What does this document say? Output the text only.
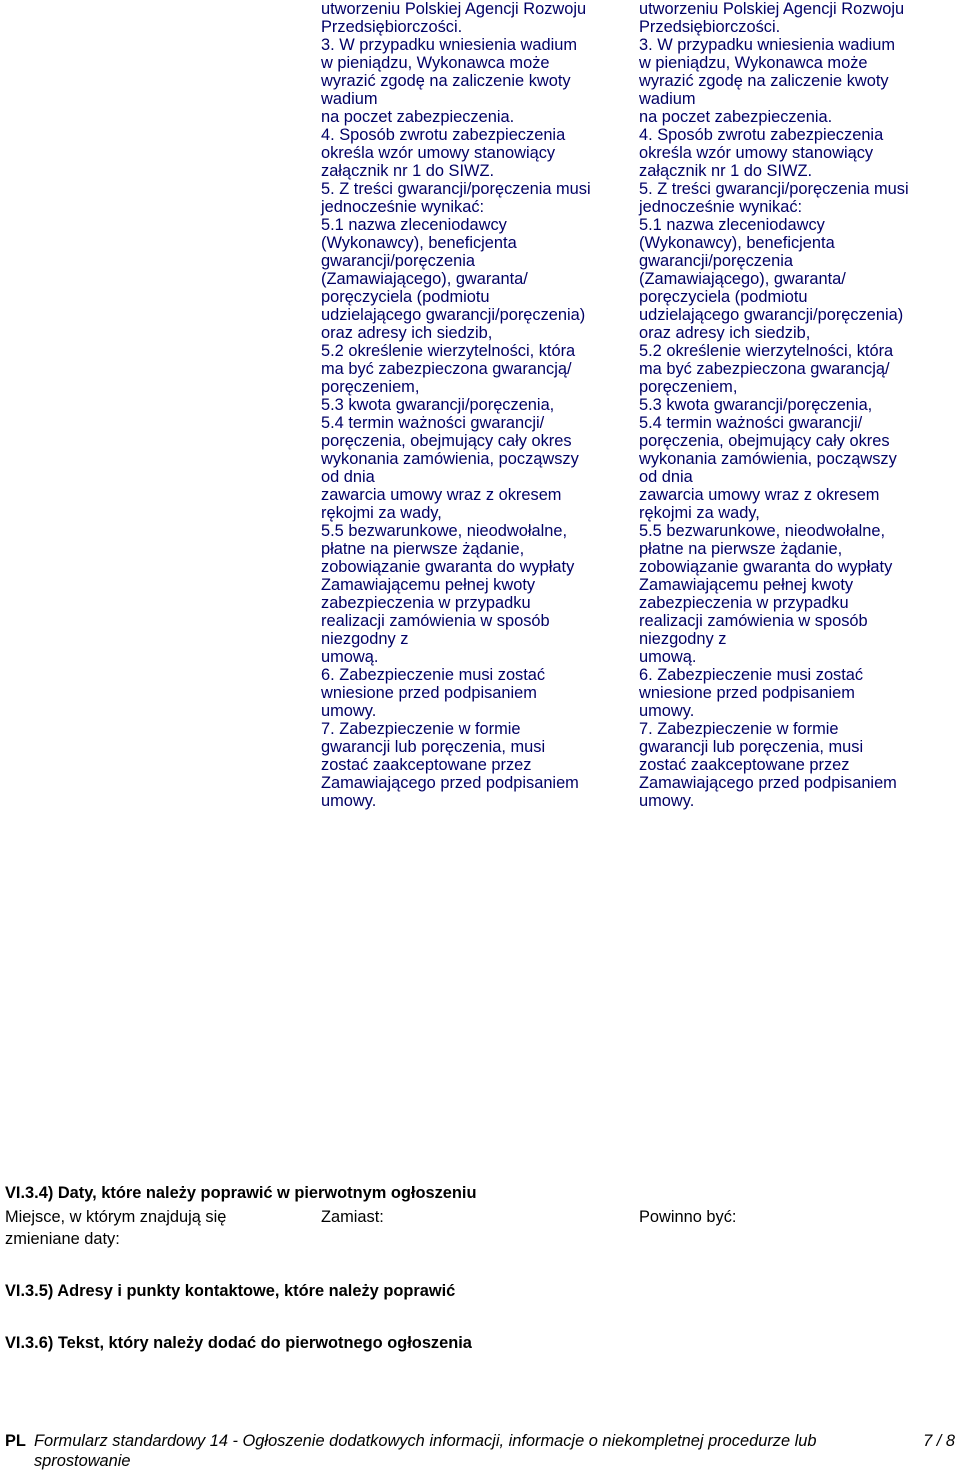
utworzeniu Polskiej Agencji Rozwoju
Przedsiębiorczości.
3. W przypadku wniesienia wadium
w pieniądzu, Wykonawca może
wyrazić zgodę na zaliczenie kwoty
wadium
na poczet zabezpieczenia.
4. Sposób zwrotu zabezpieczenia
określa wzór umowy stanowiący
załącznik nr 1 do SIWZ.
5. Z treści gwarancji/poręczenia musi
jednocześnie wynikać:
5.1 nazwa zleceniodawcy
(Wykonawcy), beneficjenta
gwarancji/poręczenia
(Zamawiającego), gwaranta/
poręczyciela (podmiotu
udzielającego gwarancji/poręczenia)
oraz adresy ich siedzib,
5.2 określenie wierzytelności, która
ma być zabezpieczona gwarancją/
poręczeniem,
5.3 kwota gwarancji/poręczenia,
5.4 termin ważności gwarancji/
poręczenia, obejmujący cały okres
wykonania zamówienia, począwszy
od dnia
zawarcia umowy wraz z okresem
rękojmi za wady,
5.5 bezwarunkowe, nieodwołalne,
płatne na pierwsze żądanie,
zobowiązanie gwaranta do wypłaty
Zamawiającemu pełnej kwoty
zabezpieczenia w przypadku
realizacji zamówienia w sposób
niezgodny z
umową.
6. Zabezpieczenie musi zostać
wniesione przed podpisaniem
umowy.
7. Zabezpieczenie w formie
gwarancji lub poręczenia, musi
zostać zaakceptowane przez
Zamawiającego przed podpisaniem
umowy.
utworzeniu Polskiej Agencji Rozwoju
Przedsiębiorczości.
3. W przypadku wniesienia wadium
w pieniądzu, Wykonawca może
wyrazić zgodę na zaliczenie kwoty
wadium
na poczet zabezpieczenia.
4. Sposób zwrotu zabezpieczenia
określa wzór umowy stanowiący
załącznik nr 1 do SIWZ.
5. Z treści gwarancji/poręczenia musi
jednocześnie wynikać:
5.1 nazwa zleceniodawcy
(Wykonawcy), beneficjenta
gwarancji/poręczenia
(Zamawiającego), gwaranta/
poręczyciela (podmiotu
udzielającego gwarancji/poręczenia)
oraz adresy ich siedzib,
5.2 określenie wierzytelności, która
ma być zabezpieczona gwarancją/
poręczeniem,
5.3 kwota gwarancji/poręczenia,
5.4 termin ważności gwarancji/
poręczenia, obejmujący cały okres
wykonania zamówienia, począwszy
od dnia
zawarcia umowy wraz z okresem
rękojmi za wady,
5.5 bezwarunkowe, nieodwołalne,
płatne na pierwsze żądanie,
zobowiązanie gwaranta do wypłaty
Zamawiającemu pełnej kwoty
zabezpieczenia w przypadku
realizacji zamówienia w sposób
niezgodny z
umową.
6. Zabezpieczenie musi zostać
wniesione przed podpisaniem
umowy.
7. Zabezpieczenie w formie
gwarancji lub poręczenia, musi
zostać zaakceptowane przez
Zamawiającego przed podpisaniem
umowy.
VI.3.4) Daty, które należy poprawić w pierwotnym ogłoszeniu
Miejsce, w którym znajdują się zmieniane daty:
Zamiast:	Powinno być:
VI.3.5) Adresy i punkty kontaktowe, które należy poprawić
VI.3.6) Tekst, który należy dodać do pierwotnego ogłoszenia
PL Formularz standardowy 14 - Ogłoszenie dodatkowych informacji, informacje o niekompletnej procedurze lub sprostowanie
7 / 8
